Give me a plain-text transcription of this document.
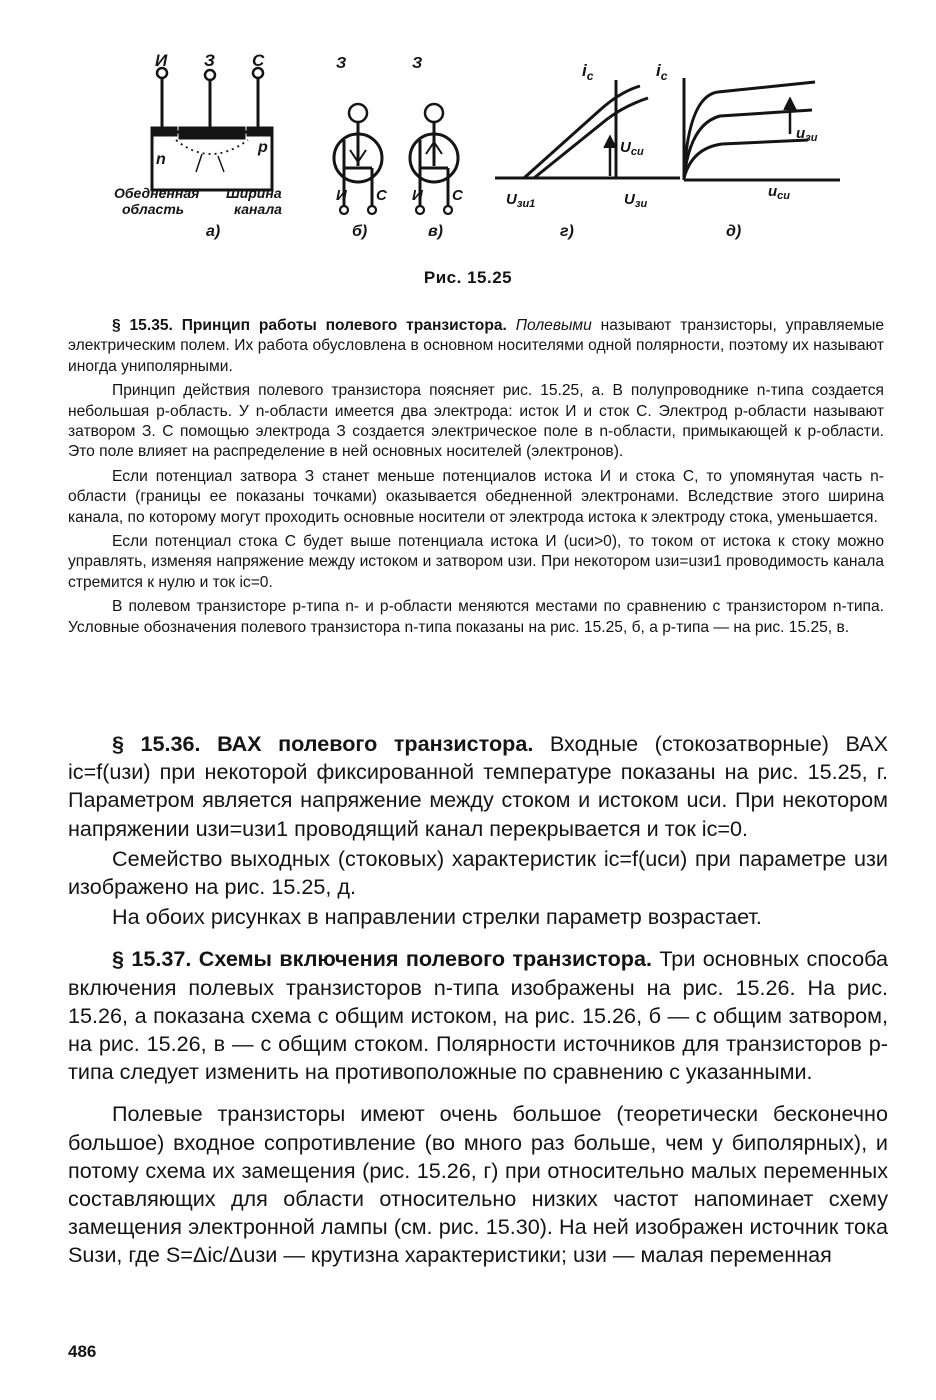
И З С
n
р
Обедненная
область
Ширина
канала
а)
З
И С
б)
З
И С
в)
$i_с$
$U_{си}$
$U_{зи1}$	$U_{зи}$
г)
$i_с$
$u_{зи}$
$u_{си}$
д)
Рис. 15.25

§ 15.35. Принцип работы полевого транзистора. Полевыми называют транзисторы, управляемые электрическим полем. Их работа обусловлена в основном носителями одной полярности, поэтому их называют иногда униполярными.

Принцип действия полевого транзистора поясняет рис. 15.25, а. В полупроводнике n-типа создается небольшая р-область. У n-области имеется два электрода: исток И и сток С. Электрод р-области называют затвором З. С помощью электрода З создается электрическое поле в n-области, примыкающей к р-области. Это поле влияет на распределение в ней основных носителей (электронов).

Если потенциал затвора З станет меньше потенциалов истока И и стока С, то упомянутая часть n-области (границы ее показаны точками) оказывается обедненной электронами. Вследствие этого ширина канала, по которому могут проходить основные носители от электрода истока к электроду стока, уменьшается.

Если потенциал стока С будет выше потенциала истока И (uси>0), то током от истока к стоку можно управлять, изменяя напряжение между истоком и затвором uзи. При некотором uзи=uзи1 проводимость канала стремится к нулю и ток iс=0.

В полевом транзисторе р-типа n- и р-области меняются местами по сравнению с транзистором n-типа. Условные обозначения полевого транзистора n-типа показаны на рис. 15.25, б, а р-типа — на рис. 15.25, в.

§ 15.36. ВАХ полевого транзистора. Входные (стокозатворные) ВАХ iс=f(uзи) при некоторой фиксированной температуре показаны на рис. 15.25, г. Параметром является напряжение между стоком и истоком uси. При некотором напряжении uзи=uзи1 проводящий канал перекрывается и ток iс=0.

Семейство выходных (стоковых) характеристик iс=f(uси) при параметре uзи изображено на рис. 15.25, д.

На обоих рисунках в направлении стрелки параметр возрастает.

§ 15.37. Схемы включения полевого транзистора. Три основных способа включения полевых транзисторов n-типа изображены на рис. 15.26. На рис. 15.26, а показана схема с общим истоком, на рис. 15.26, б — с общим затвором, на рис. 15.26, в — с общим стоком. Полярности источников для транзисторов р-типа следует изменить на противоположные по сравнению с указанными.

Полевые транзисторы имеют очень большое (теоретически бесконечно большое) входное сопротивление (во много раз больше, чем у биполярных), и потому схема их замещения (рис. 15.26, г) при относительно малых переменных составляющих для области относительно низких частот напоминает схему замещения электронной лампы (см. рис. 15.30). На ней изображен источник тока Suзи, где S=Δiс/Δuзи — крутизна характеристики; uзи — малая переменная

486
